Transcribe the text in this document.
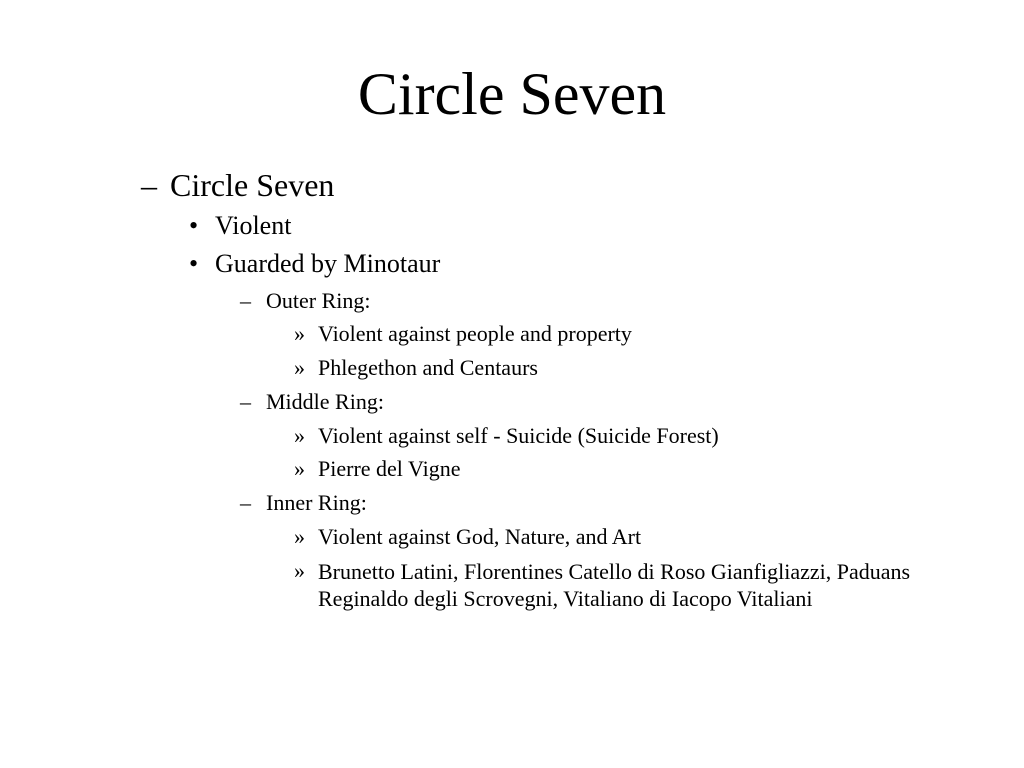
Circle Seven
– Circle Seven
• Violent
• Guarded by Minotaur
– Outer Ring:
» Violent against people and property
» Phlegethon and Centaurs
– Middle Ring:
» Violent against self - Suicide (Suicide Forest)
» Pierre del Vigne
– Inner Ring:
» Violent against God, Nature, and Art
» Brunetto Latini, Florentines Catello di Roso Gianfigliazzi, Paduans Reginaldo degli Scrovegni, Vitaliano di Iacopo Vitaliani
